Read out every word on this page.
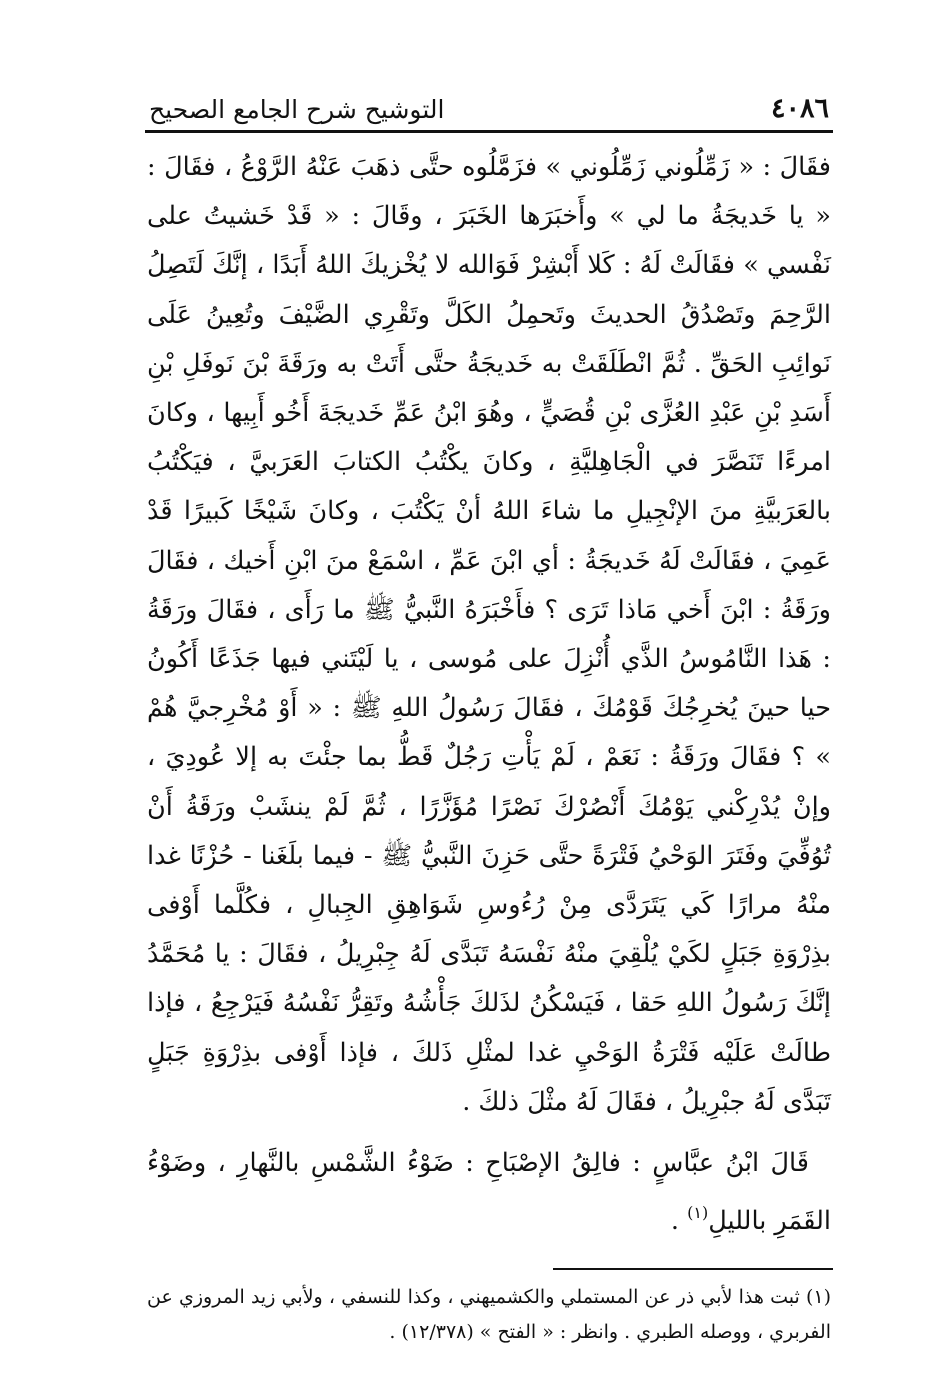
٤٠٨٦
التوشيح شرح الجامع الصحيح

فقَالَ : « زَمِّلُوني زَمِّلُوني » فزَمَّلُوه حتَّى ذهَبَ عَنْهُ الرَّوْعُ ، فقَالَ : « يا خَديجَةُ ما لي » وأَخبَرَها الخَبَرَ ، وقَالَ : « قَدْ خَشيتُ على نَفْسي » فقَالَتْ لَهُ : كَلا أَبْشِرْ فَوَالله لا يُخْزيكَ اللهُ أَبَدًا ، إنَّكَ لَتَصِلُ الرَّحِمَ وتَصْدُقُ الحديثَ وتَحمِلُ الكَلَّ وتَقْرِي الضَّيْفَ وتُعِينُ عَلَى نَوائِبِ الحَقِّ . ثُمَّ انْطَلَقَتْ به خَديجَةُ حتَّى أَتَتْ به ورَقَةَ بْنَ نَوفَلِ بْنِ أَسَدِ بْنِ عَبْدِ العُزَّى بْنِ قُصَيٍّ ، وهُوَ ابْنُ عَمِّ خَديجَةَ أَخُو أَبِيها ، وكانَ امرءًا تَنَصَّرَ في الْجَاهِليَّةِ ، وكانَ يكْتُبُ الكتابَ العَرَبيَّ ، فيَكْتُبُ بالعَرَبيَّةِ منَ الإنْجِيلِ ما شاءَ اللهُ أنْ يَكْتُبَ ، وكانَ شَيْخًا كَبيرًا قَدْ عَمِيَ ، فقَالَتْ لَهُ خَديجَةُ : أي ابْنَ عَمِّ ، اسْمَعْ منَ ابْنِ أَخيك ، فقَالَ ورَقَةُ : ابْنَ أَخي مَاذا تَرَى ؟ فأَخْبَرَهُ النَّبيُّ ﷺ ما رَأَى ، فقَالَ ورَقَةُ : هَذا النَّامُوسُ الذَّي أُنْزِلَ على مُوسى ، يا لَيْتَني فيها جَذَعًا أَكُونُ حيا حينَ يُخرِجُكَ قَوْمُكَ ، فقَالَ رَسُولُ اللهِ ﷺ : « أَوْ مُخْرِجيَّ هُمْ » ؟ فقَالَ ورَقَةُ : نَعَمْ ، لَمْ يَأْتِ رَجُلٌ قَطُّ بما جئْتَ به إلا عُودِيَ ، وإنْ يُدْرِكْني يَوْمُكَ أَنْصُرْكَ نَصْرًا مُؤَزَّرًا ، ثُمَّ لَمْ ينشَبْ ورَقَةُ أَنْ تُوُفِّيَ وفَتَرَ الوَحْيُ فَتْرَةً حتَّى حَزِنَ النَّبيُّ ﷺ - فيما بلَغَنا - حُزْنًا غدا منْهُ مرارًا كَي يَتَرَدَّى مِنْ رُءُوسِ شَوَاهِقِ الجِبالِ ، فكُلَّما أَوْفى بذِرْوَةِ جَبَلٍ لكَيْ يُلْقِيَ منْهُ نَفْسَهُ تَبَدَّى لَهُ جِبْرِيلُ ، فقَالَ : يا مُحَمَّدُ إنَّكَ رَسُولُ اللهِ حَقا ، فَيَسْكُنُ لذَلكَ جَأْشُهُ وتَقِرُّ نَفْسُهُ فَيَرْجِعُ ، فإذا طالَتْ عَلَيْه فَتْرَةُ الوَحْيِ غدا لمثْلِ ذَلكَ ، فإذا أَوْفى بذِرْوَةِ جَبَلٍ تَبَدَّى لَهُ جبْرِيلُ ، فقَالَ لَهُ مثْلَ ذلكَ .

قَالَ ابْنُ عبَّاسٍ : فالِقُ الإصْبَاحِ : ضَوْءُ الشَّمْسِ بالنَّهارِ ، وضَوْءُ القَمَرِ بالليلِ$^{(١)}$ .

(١) ثبت هذا لأبي ذر عن المستملي والكشميهني ، وكذا للنسفي ، ولأبي زيد المروزي عن الفربري ، ووصله الطبري . وانظر : « الفتح » (١٢/٣٧٨) .
